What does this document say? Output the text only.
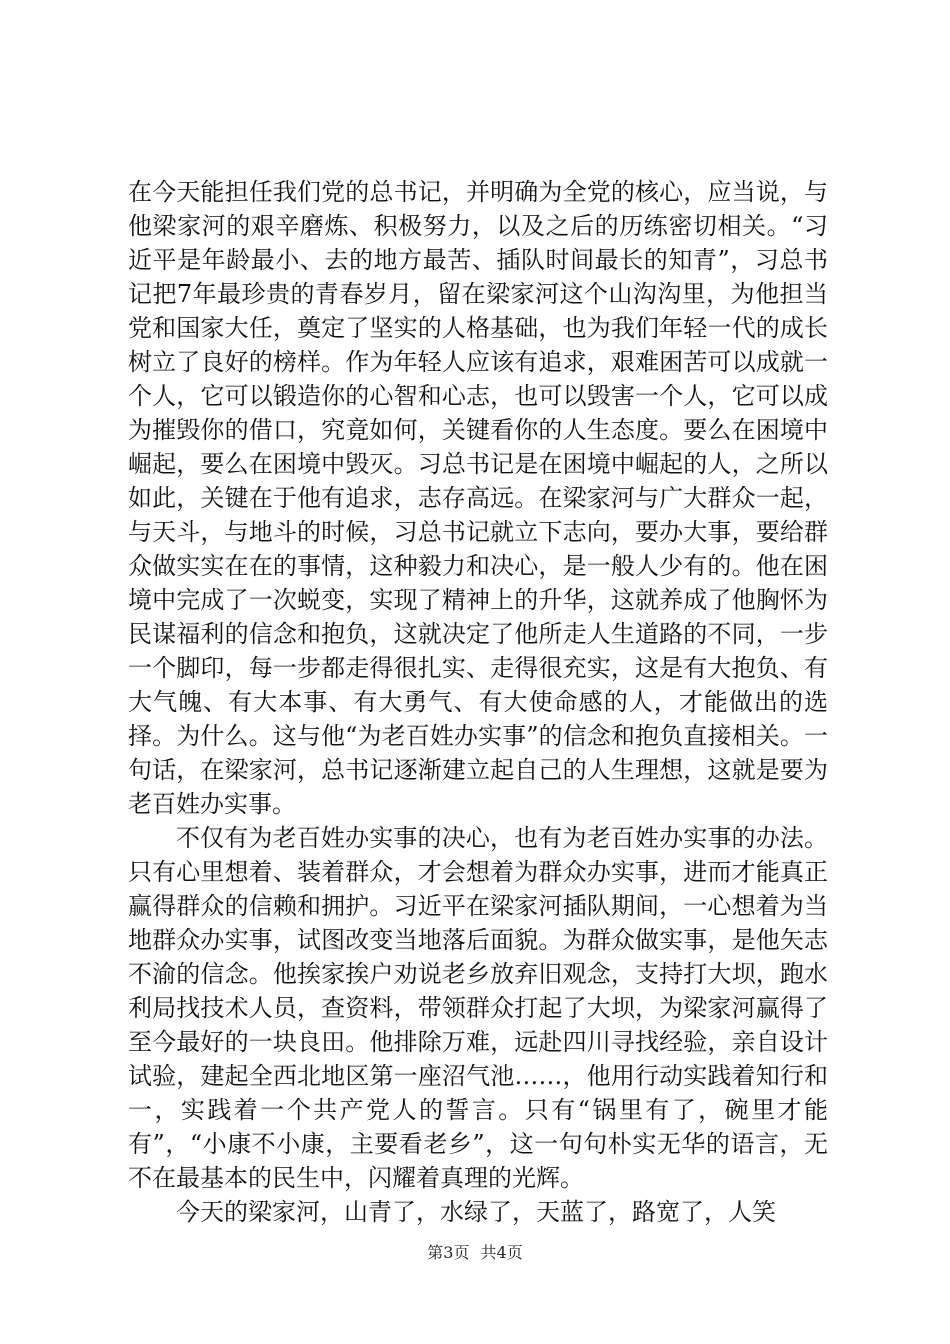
在今天能担任我们党的总书记，并明确为全党的核心，应当说，与他梁家河的艰辛磨炼、积极努力，以及之后的历练密切相关。“习近平是年龄最小、去的地方最苦、插队时间最长的知青”，习总书记把7年最珍贵的青春岁月，留在梁家河这个山沟沟里，为他担当党和国家大任，奠定了坚实的人格基础，也为我们年轻一代的成长树立了良好的榜样。作为年轻人应该有追求，艰难困苦可以成就一个人，它可以锻造你的心智和心志，也可以毁害一个人，它可以成为摧毁你的借口，究竟如何，关键看你的人生态度。要么在困境中崛起，要么在困境中毁灭。习总书记是在困境中崛起的人，之所以如此，关键在于他有追求，志存高远。在梁家河与广大群众一起，与天斗，与地斗的时候，习总书记就立下志向，要办大事，要给群众做实实在在的事情，这种毅力和决心，是一般人少有的。他在困境中完成了一次蜕变，实现了精神上的升华，这就养成了他胸怀为民谋福利的信念和抱负，这就决定了他所走人生道路的不同，一步一个脚印，每一步都走得很扎实、走得很充实，这是有大抱负、有大气魄、有大本事、有大勇气、有大使命感的人，才能做出的选择。为什么。这与他“为老百姓办实事”的信念和抱负直接相关。一句话，在梁家河，总书记逐渐建立起自己的人生理想，这就是要为老百姓办实事。

不仅有为老百姓办实事的决心，也有为老百姓办实事的办法。只有心里想着、装着群众，才会想着为群众办实事，进而才能真正赢得群众的信赖和拥护。习近平在梁家河插队期间，一心想着为当地群众办实事，试图改变当地落后面貌。为群众做实事，是他矢志不渝的信念。他挨家挨户劝说老乡放弃旧观念，支持打大坝，跑水利局找技术人员，查资料，带领群众打起了大坝，为梁家河赢得了至今最好的一块良田。他排除万难，远赴四川寻找经验，亲自设计试验，建起全西北地区第一座沼气池……，他用行动实践着知行和一，实践着一个共产党人的誓言。只有“锅里有了，碗里才能有”，“小康不小康，主要看老乡”，这一句句朴实无华的语言，无不在最基本的民生中，闪耀着真理的光辉。

今天的梁家河，山青了，水绿了，天蓝了，路宽了，人笑

第3页 共4页
